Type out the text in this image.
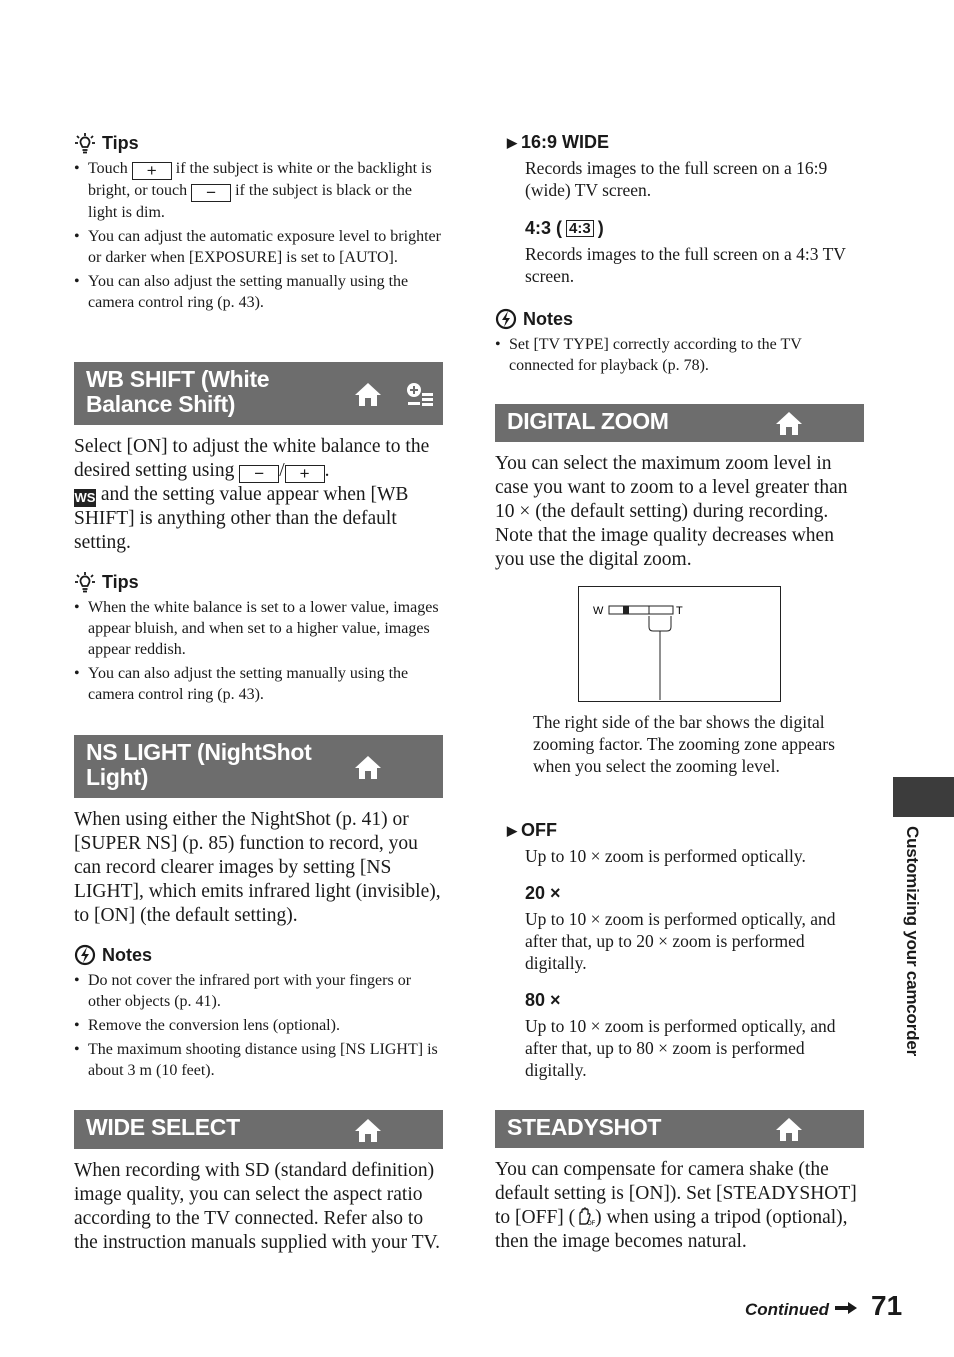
Tips
• Touch + if the subject is white or the backlight is bright, or touch − if the subject is black or the light is dim.
• You can adjust the automatic exposure level to brighter or darker when [EXPOSURE] is set to [AUTO].
• You can also adjust the setting manually using the camera control ring (p. 43).
WB SHIFT (White Balance Shift)

Select [ON] to adjust the white balance to the desired setting using − / + .
WS and the setting value appear when [WB SHIFT] is anything other than the default setting.

Tips
• When the white balance is set to a lower value, images appear bluish, and when set to a higher value, images appear reddish.
• You can also adjust the setting manually using the camera control ring (p. 43).
NS LIGHT (NightShot Light)

When using either the NightShot (p. 41) or [SUPER NS] (p. 85) function to record, you can record clearer images by setting [NS LIGHT], which emits infrared light (invisible), to [ON] (the default setting).

Notes
• Do not cover the infrared port with your fingers or other objects (p. 41).
• Remove the conversion lens (optional).
• The maximum shooting distance using [NS LIGHT] is about 3 m (10 feet).
WIDE SELECT

When recording with SD (standard definition) image quality, you can select the aspect ratio according to the TV connected. Refer also to the instruction manuals supplied with your TV.

▶ 16:9 WIDE

Records images to the full screen on a 16:9 (wide) TV screen.

4:3 ( 4:3 )

Records images to the full screen on a 4:3 TV screen.

Notes
• Set [TV TYPE] correctly according to the TV connected for playback (p. 78).
DIGITAL ZOOM

You can select the maximum zoom level in case you want to zoom to a level greater than 10 × (the default setting) during recording. Note that the image quality decreases when you use the digital zoom.

W	T

The right side of the bar shows the digital zooming factor. The zooming zone appears when you select the zooming level.

▶ OFF

Up to 10 × zoom is performed optically.

20 ×

Up to 10 × zoom is performed optically, and after that, up to 20 × zoom is performed digitally.

80 ×

Up to 10 × zoom is performed optically, and after that, up to 80 × zoom is performed digitally.

STEADYSHOT

You can compensate for camera shake (the default setting is [ON]). Set [STEADYSHOT] to [OFF] ( OF ) when using a tripod (optional), then the image becomes natural.

Customizing your camcorder
Continued 71
